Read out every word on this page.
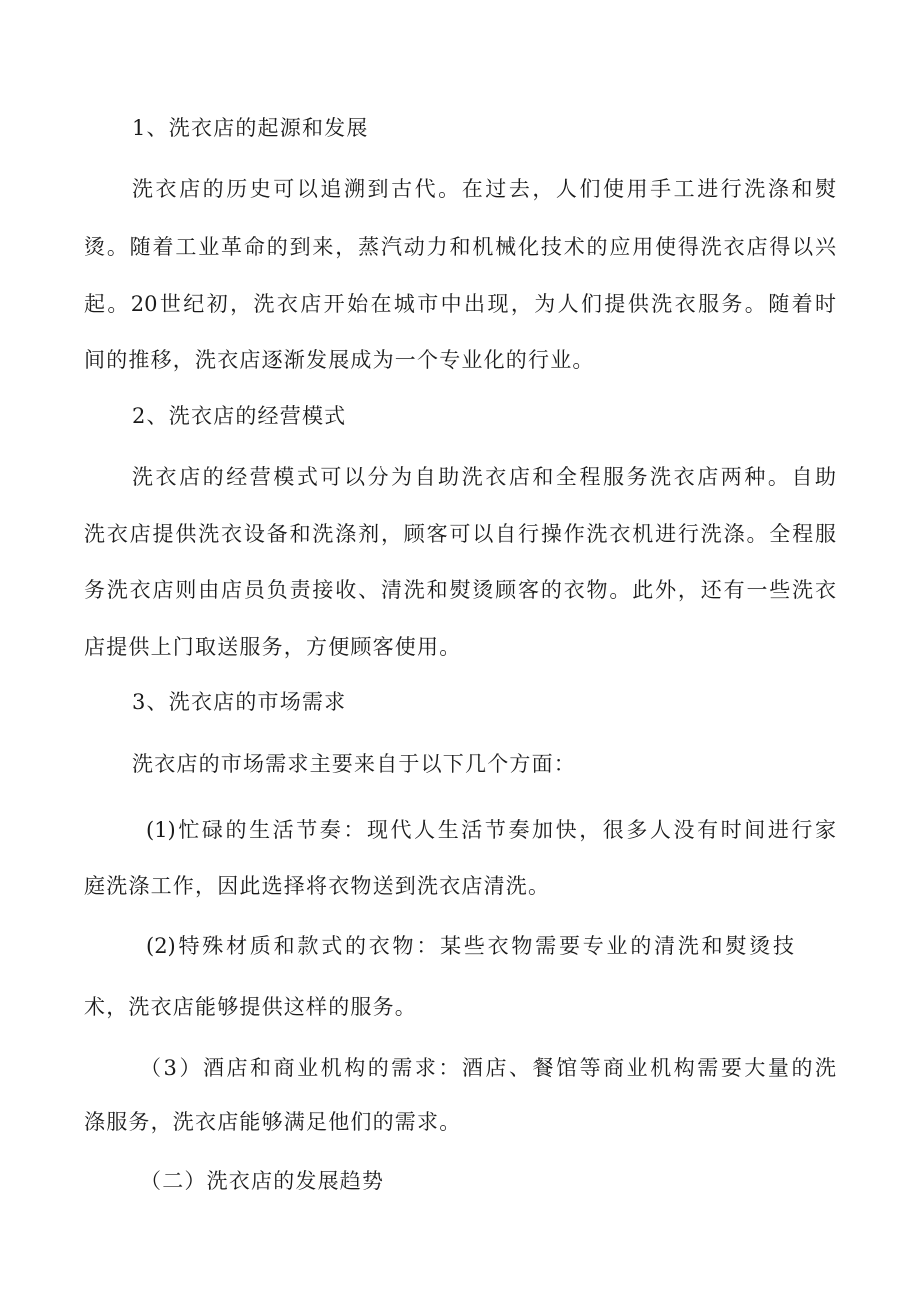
1、洗衣店的起源和发展
洗衣店的历史可以追溯到古代。在过去，人们使用手工进行洗涤和熨
烫。随着工业革命的到来，蒸汽动力和机械化技术的应用使得洗衣店得以兴
起。20世纪初，洗衣店开始在城市中出现，为人们提供洗衣服务。随着时
间的推移，洗衣店逐渐发展成为一个专业化的行业。
2、洗衣店的经营模式
洗衣店的经营模式可以分为自助洗衣店和全程服务洗衣店两种。自助
洗衣店提供洗衣设备和洗涤剂，顾客可以自行操作洗衣机进行洗涤。全程服
务洗衣店则由店员负责接收、清洗和熨烫顾客的衣物。此外，还有一些洗衣
店提供上门取送服务，方便顾客使用。
3、洗衣店的市场需求
洗衣店的市场需求主要来自于以下几个方面：
(1)忙碌的生活节奏：现代人生活节奏加快，很多人没有时间进行家
庭洗涤工作，因此选择将衣物送到洗衣店清洗。
(2)特殊材质和款式的衣物：某些衣物需要专业的清洗和熨烫技
术，洗衣店能够提供这样的服务。
（3）酒店和商业机构的需求：酒店、餐馆等商业机构需要大量的洗
涤服务，洗衣店能够满足他们的需求。
（二）洗衣店的发展趋势
